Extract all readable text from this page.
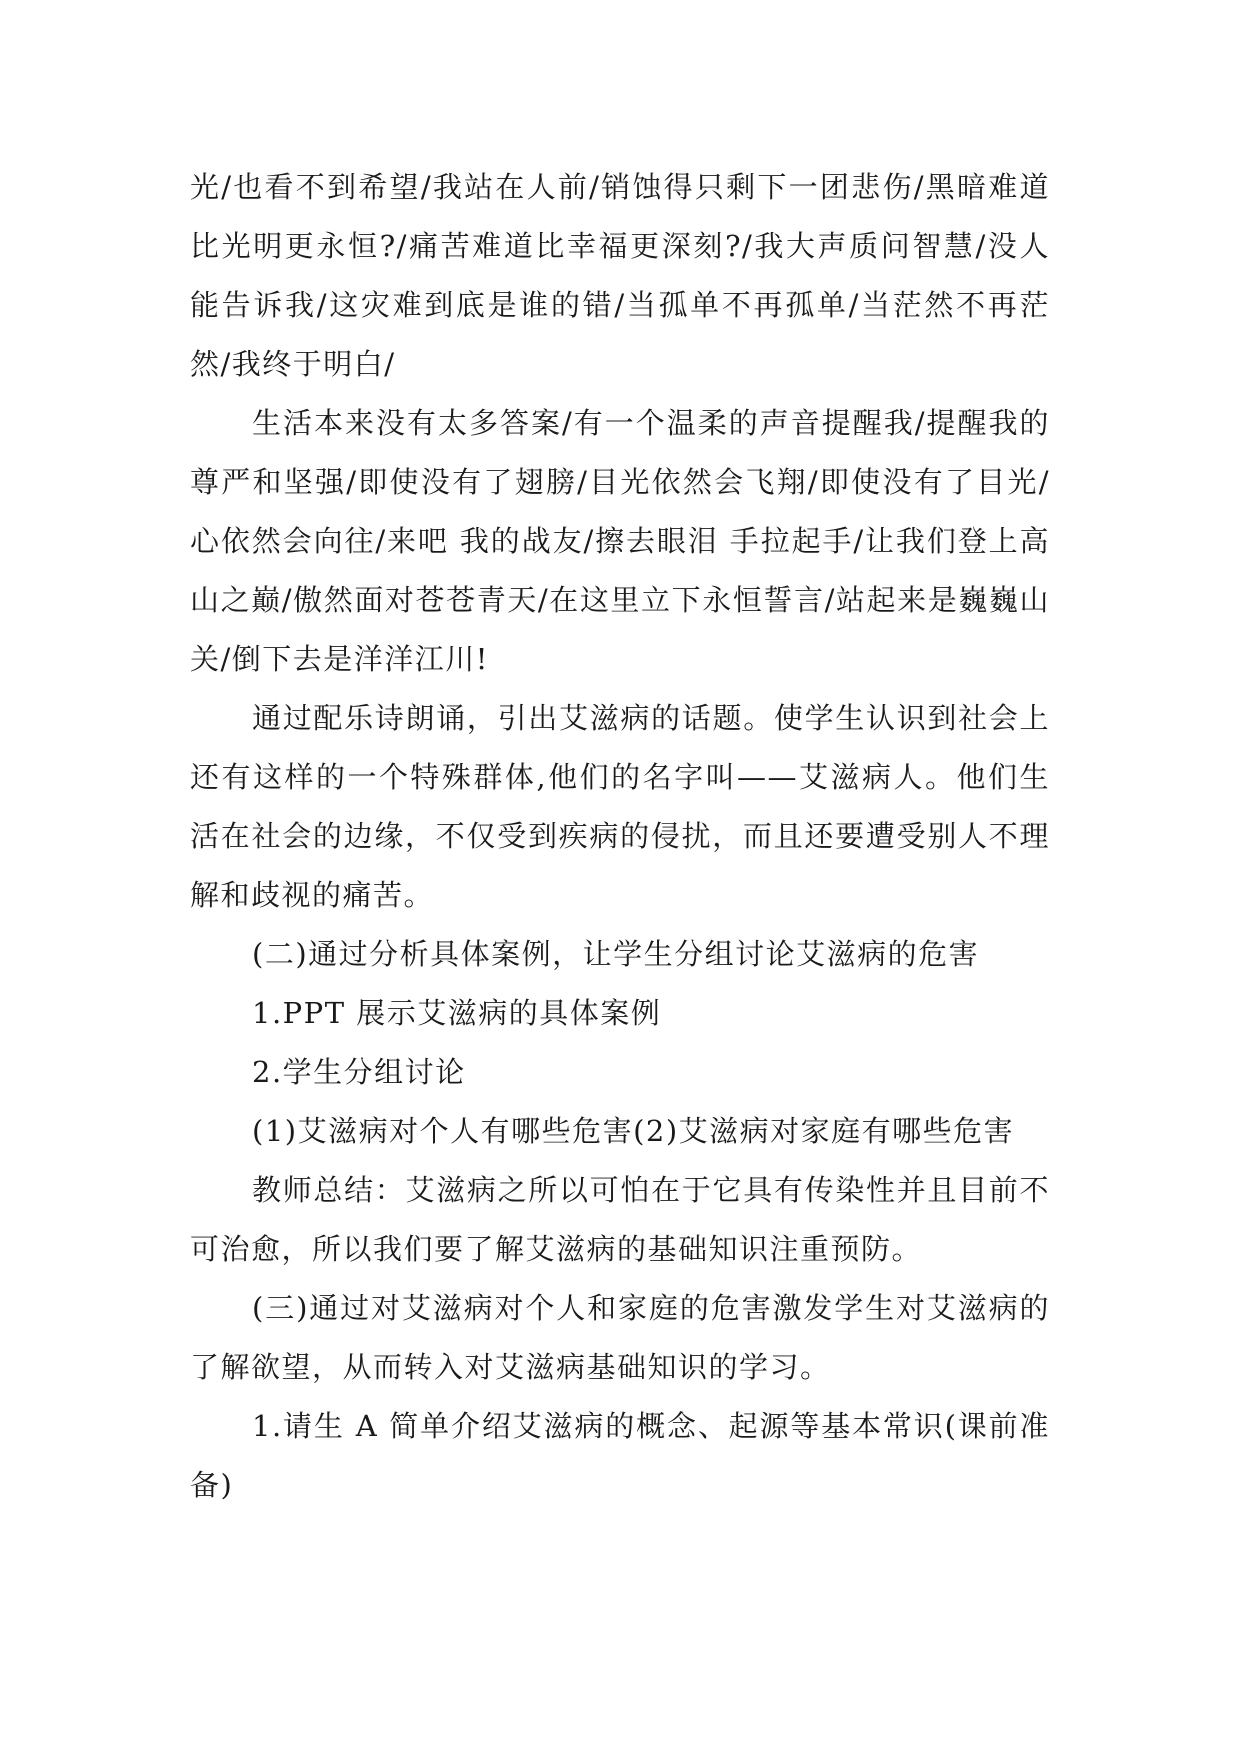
光/也看不到希望/我站在人前/销蚀得只剩下一团悲伤/黑暗难道比光明更永恒?/痛苦难道比幸福更深刻?/我大声质问智慧/没人能告诉我/这灾难到底是谁的错/当孤单不再孤单/当茫然不再茫然/我终于明白/

生活本来没有太多答案/有一个温柔的声音提醒我/提醒我的尊严和坚强/即使没有了翅膀/目光依然会飞翔/即使没有了目光/心依然会向往/来吧 我的战友/擦去眼泪 手拉起手/让我们登上高山之巅/傲然面对苍苍青天/在这里立下永恒誓言/站起来是巍巍山关/倒下去是洋洋江川!

通过配乐诗朗诵，引出艾滋病的话题。使学生认识到社会上还有这样的一个特殊群体,他们的名字叫——艾滋病人。他们生活在社会的边缘，不仅受到疾病的侵扰，而且还要遭受别人不理解和歧视的痛苦。

(二)通过分析具体案例，让学生分组讨论艾滋病的危害

1.PPT 展示艾滋病的具体案例

2.学生分组讨论

(1)艾滋病对个人有哪些危害(2)艾滋病对家庭有哪些危害

教师总结：艾滋病之所以可怕在于它具有传染性并且目前不可治愈，所以我们要了解艾滋病的基础知识注重预防。

(三)通过对艾滋病对个人和家庭的危害激发学生对艾滋病的了解欲望，从而转入对艾滋病基础知识的学习。

1.请生 A 简单介绍艾滋病的概念、起源等基本常识(课前准备)
